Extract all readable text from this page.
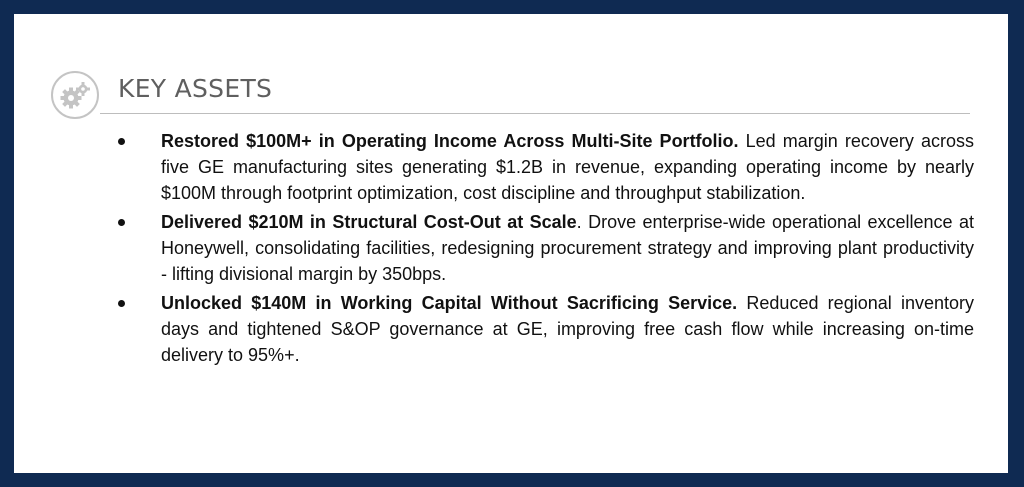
KEY ASSETS
Restored $100M+ in Operating Income Across Multi-Site Portfolio. Led margin recovery across five GE manufacturing sites generating $1.2B in revenue, expanding operating income by nearly $100M through footprint optimization, cost discipline and throughput stabilization.
Delivered $210M in Structural Cost-Out at Scale. Drove enterprise-wide operational excellence at Honeywell, consolidating facilities, redesigning procurement strategy and improving plant productivity - lifting divisional margin by 350bps.
Unlocked $140M in Working Capital Without Sacrificing Service. Reduced regional inventory days and tightened S&OP governance at GE, improving free cash flow while increasing on-time delivery to 95%+.
